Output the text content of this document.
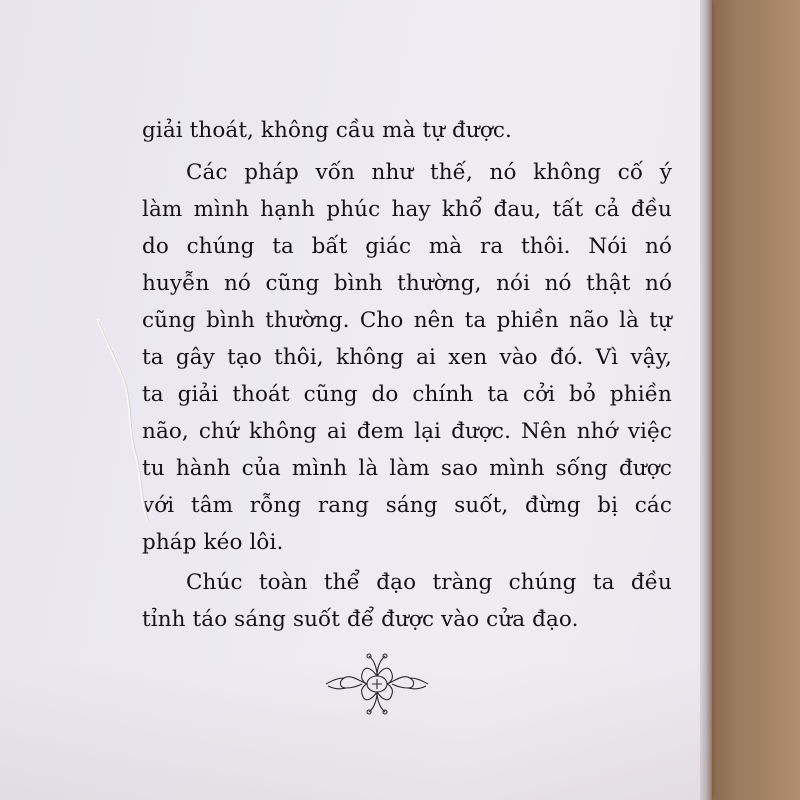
giải thoát, không cầu mà tự được.
Các pháp vốn như thế, nó không cố ý
làm mình hạnh phúc hay khổ đau, tất cả đều
do chúng ta bất giác mà ra thôi. Nói nó
huyễn nó cũng bình thường, nói nó thật nó
cũng bình thường. Cho nên ta phiền não là tự
ta gây tạo thôi, không ai xen vào đó. Vì vậy,
ta giải thoát cũng do chính ta cởi bỏ phiền
não, chứ không ai đem lại được. Nên nhớ việc
tu hành của mình là làm sao mình sống được
với tâm rỗng rang sáng suốt, đừng bị các
pháp kéo lôi.
Chúc toàn thể đạo tràng chúng ta đều
tỉnh táo sáng suốt để được vào cửa đạo.
